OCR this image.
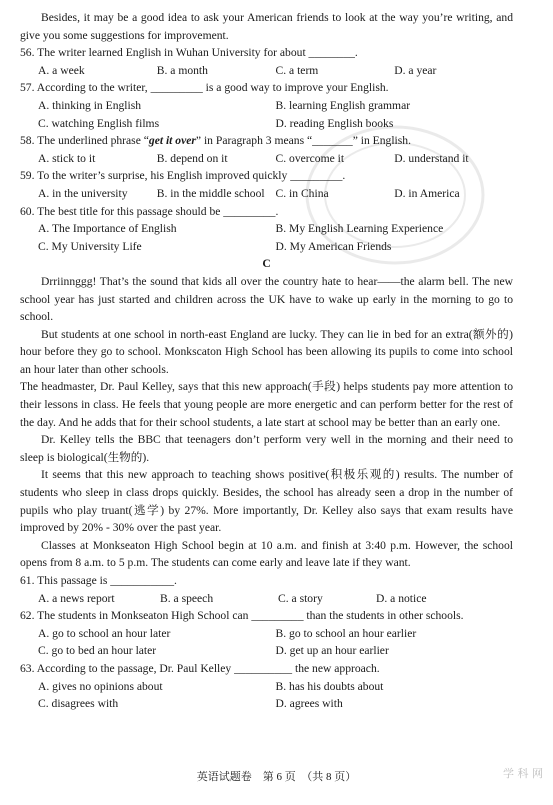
Besides, it may be a good idea to ask your American friends to look at the way you’re writing, and give you some suggestions for improvement.

56. The writer learned English in Wuhan University for about ________.

A. a week	B. a month	C. a term	D. a year

57. According to the writer, _________ is a good way to improve your English.

A. thinking in English	B. learning English grammar
C. watching English films	D. reading English books

58. The underlined phrase “get it over” in Paragraph 3 means “_______” in English.

A. stick to it	B. depend on it	C. overcome it	D. understand it

59. To the writer’s surprise, his English improved quickly _________.

A. in the university	B. in the middle school C. in China	D. in America

60. The best title for this passage should be _________.

A. The Importance of English	B. My English Learning Experience
C. My University Life	D. My American Friends

C

Drriinnggg! That’s the sound that kids all over the country hate to hear——the alarm bell. The new school year has just started and children across the UK have to wake up early in the morning to go to school.

But students at one school in north-east England are lucky. They can lie in bed for an extra(额外的) hour before they go to school. Monkscaton High School has been allowing its pupils to come into school an hour later than other schools.

The headmaster, Dr. Paul Kelley, says that this new approach(手段) helps students pay more attention to their lessons in class. He feels that young people are more energetic and can perform better for the rest of the day. And he adds that for their school students, a late start at school may be better than an early one.

Dr. Kelley tells the BBC that teenagers don’t perform very well in the morning and their need to sleep is biological(生物的).

It seems that this new approach to teaching shows positive(积极乐观的) results. The number of students who sleep in class drops quickly. Besides, the school has already seen a drop in the number of pupils who play truant(逃学) by 27%. More importantly, Dr. Kelley also says that exam results have improved by 20% - 30% over the past year.

Classes at Monkseaton High School begin at 10 a.m. and finish at 3:40 p.m. However, the school opens from 8 a.m. to 5 p.m. The students can come early and leave late if they want.

61. This passage is ___________.

A. a news report	B. a speech	C. a story	D. a notice

62. The students in Monkseaton High School can _________ than the students in other schools.

A. go to school an hour later	B. go to school an hour earlier
C. go to bed an hour later	D. get up an hour earlier

63. According to the passage, Dr. Paul Kelley __________ the new approach.

A. gives no opinions about	B. has his doubts about
C. disagrees with	D. agrees with
英语试题卷　第 6 页　（共 8 页）	学 科 网
